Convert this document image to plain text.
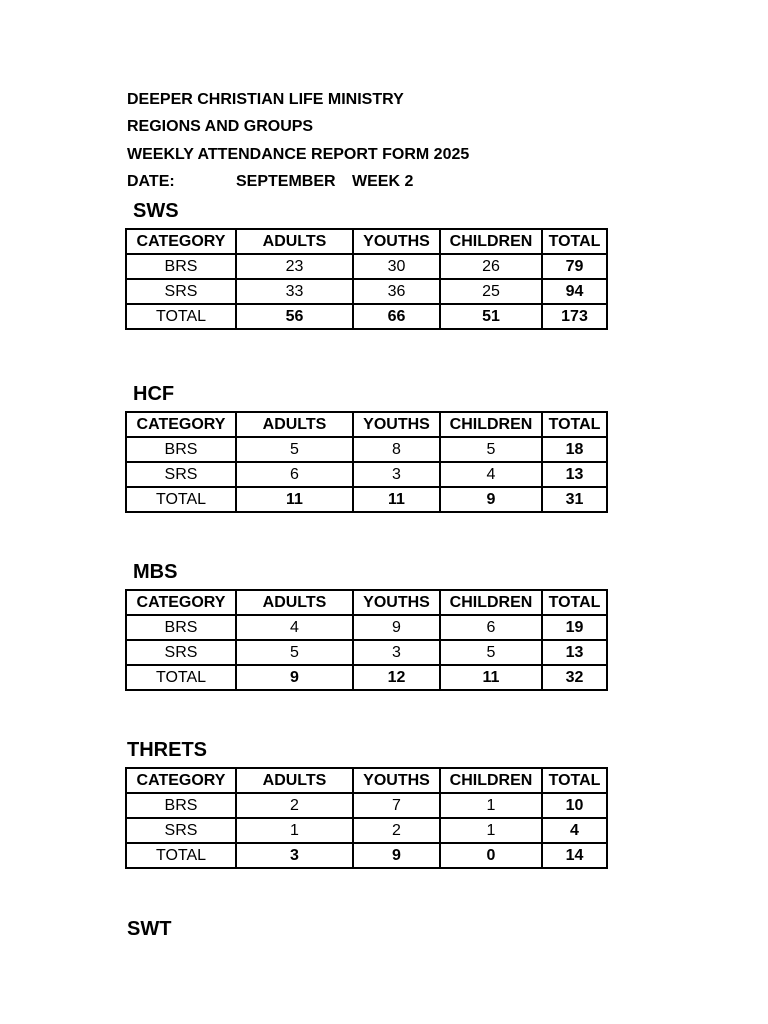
DEEPER CHRISTIAN LIFE MINISTRY
REGIONS AND GROUPS
WEEKLY ATTENDANCE REPORT FORM 2025
DATE:	SEPTEMBER WEEK 2
SWS
CATEGORY	ADULTS	YOUTHS	CHILDREN	TOTAL
BRS	23	30	26	79
SRS	33	36	25	94
TOTAL	56	66	51	173
HCF
CATEGORY	ADULTS	YOUTHS	CHILDREN	TOTAL
BRS	5	8	5	18
SRS	6	3	4	13
TOTAL	11	11	9	31
MBS
CATEGORY	ADULTS	YOUTHS	CHILDREN	TOTAL
BRS	4	9	6	19
SRS	5	3	5	13
TOTAL	9	12	11	32
THRETS
CATEGORY	ADULTS	YOUTHS	CHILDREN	TOTAL
BRS	2	7	1	10
SRS	1	2	1	4
TOTAL	3	9	0	14
SWT
